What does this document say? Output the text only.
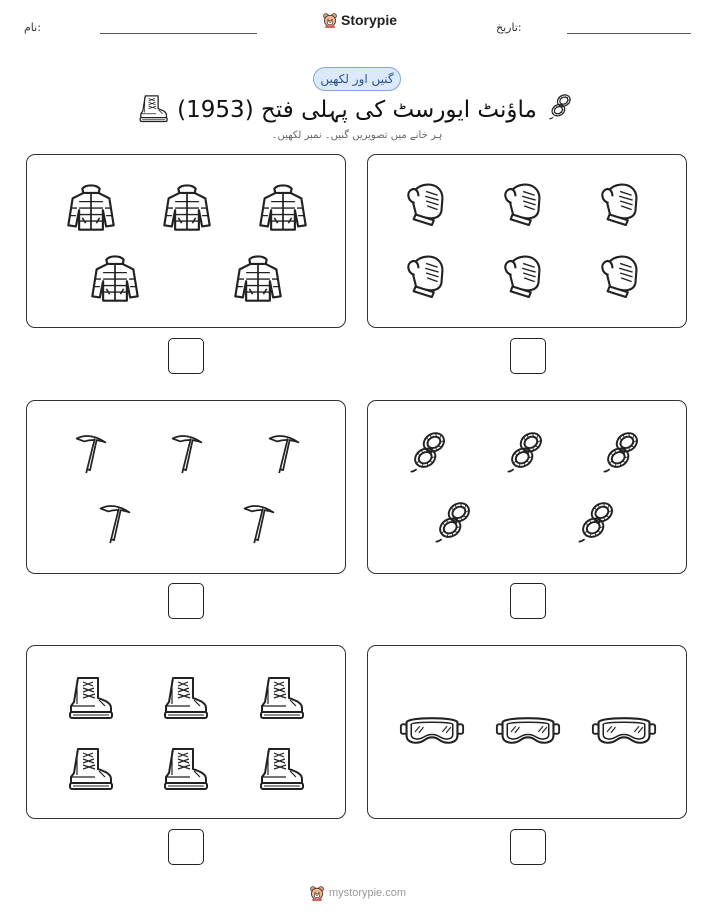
نام:	Storypie	تاریخ:
گنیں اور لکھیں
ماؤنٹ ایورسٹ کی پہلی فتح (1953)
ہر خانے میں تصویریں گنیں۔ نمبر لکھیں۔
mystorypie.com
